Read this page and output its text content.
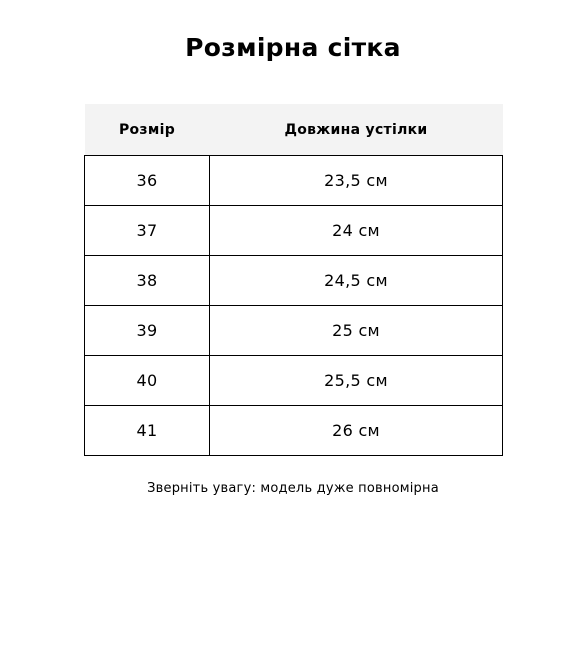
Розмірна сітка
Розмір	Довжина устілки
36	23,5 см
37	24 см
38	24,5 см
39	25 см
40	25,5 см
41	26 см
Зверніть увагу: модель дуже повномірна
